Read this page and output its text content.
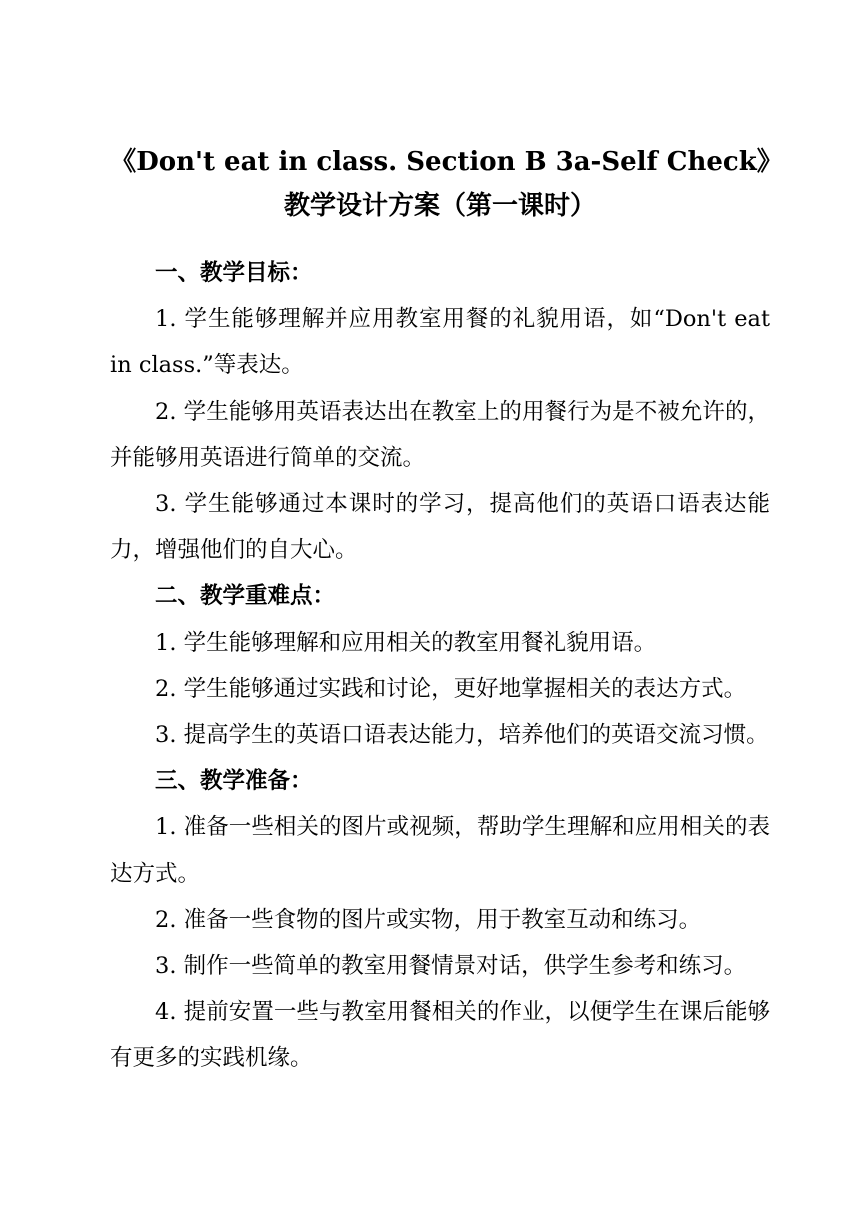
《Don't eat in class. Section B 3a-Self Check》教学设计方案（第一课时）

一、教学目标：

1. 学生能够理解并应用教室用餐的礼貌用语，如“Don't eat in class.”等表达。

2. 学生能够用英语表达出在教室上的用餐行为是不被允许的，并能够用英语进行简单的交流。

3. 学生能够通过本课时的学习，提高他们的英语口语表达能力，增强他们的自大心。

二、教学重难点：

1. 学生能够理解和应用相关的教室用餐礼貌用语。

2. 学生能够通过实践和讨论，更好地掌握相关的表达方式。

3. 提高学生的英语口语表达能力，培养他们的英语交流习惯。

三、教学准备：

1. 准备一些相关的图片或视频，帮助学生理解和应用相关的表达方式。

2. 准备一些食物的图片或实物，用于教室互动和练习。

3. 制作一些简单的教室用餐情景对话，供学生参考和练习。

4. 提前安置一些与教室用餐相关的作业，以便学生在课后能够有更多的实践机缘。
